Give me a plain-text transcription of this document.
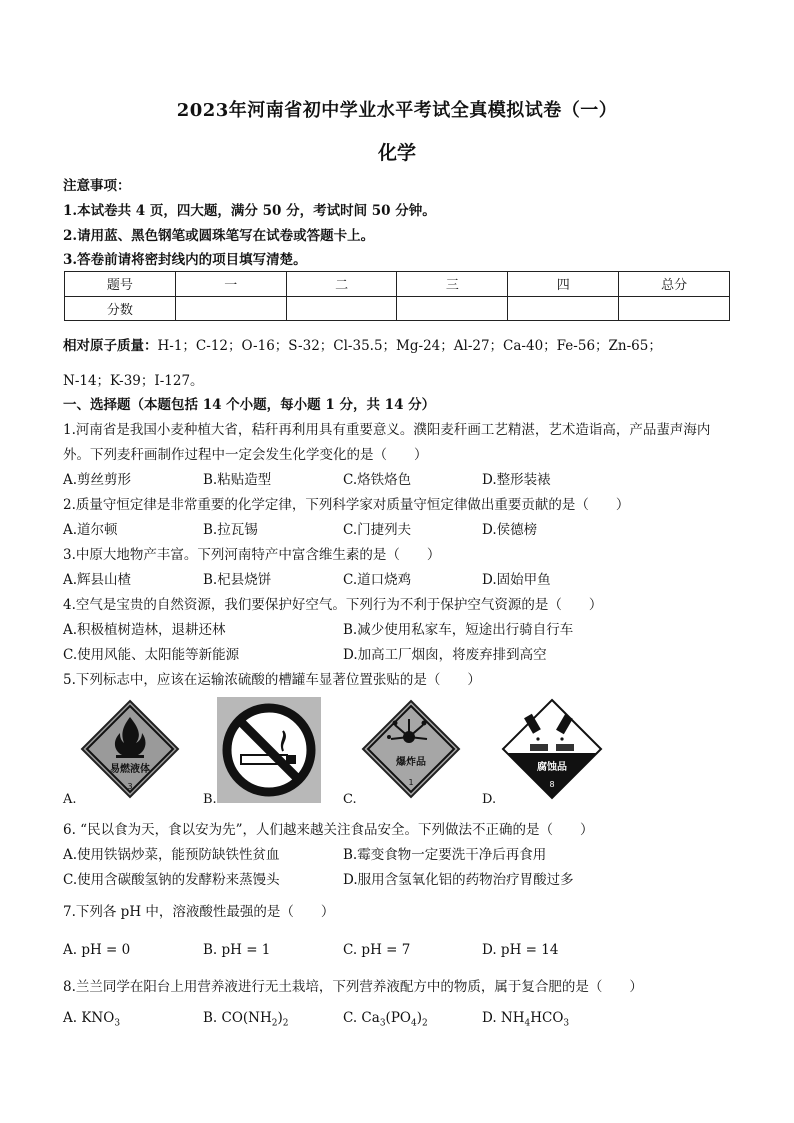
2023年河南省初中学业水平考试全真模拟试卷（一）
化学
注意事项：
1.本试卷共 4 页，四大题，满分 50 分，考试时间 50 分钟。
2.请用蓝、黑色钢笔或圆珠笔写在试卷或答题卡上。
3.答卷前请将密封线内的项目填写清楚。
题号	一	二	三	四	总分
分数					
相对原子质量：H-1；C-12；O-16；S-32；Cl-35.5；Mg-24；Al-27；Ca-40；Fe-56；Zn-65；
N-14；K-39；I-127。
一、选择题（本题包括 14 个小题，每小题 1 分，共 14 分）
1.河南省是我国小麦种植大省，秸秆再利用具有重要意义。濮阳麦秆画工艺精湛，艺术造诣高，产品蜚声海内
外。下列麦秆画制作过程中一定会发生化学变化的是（　　）
A.剪丝剪形	B.粘贴造型	C.烙铁烙色	D.整形装裱
2.质量守恒定律是非常重要的化学定律，下列科学家对质量守恒定律做出重要贡献的是（　　）
A.道尔顿	B.拉瓦锡	C.门捷列夫	D.侯德榜
3.中原大地物产丰富。下列河南特产中富含维生素的是（　　）
A.辉县山楂	B.杞县烧饼	C.道口烧鸡	D.固始甲鱼
4.空气是宝贵的自然资源，我们要保护好空气。下列行为不利于保护空气资源的是（　　）
A.积极植树造林，退耕还林	B.减少使用私家车，短途出行骑自行车
C.使用风能、太阳能等新能源	D.加高工厂烟囱，将废弃排到高空
5.下列标志中，应该在运输浓硫酸的槽罐车显著位置张贴的是（　　）
易燃液体
3
A.	B.
爆炸品
1
C.
腐蚀品
8
D.
6. “民以食为天，食以安为先”，人们越来越关注食品安全。下列做法不正确的是（　　）
A.使用铁锅炒菜，能预防缺铁性贫血	B.霉变食物一定要洗干净后再食用
C.使用含碳酸氢钠的发酵粉来蒸馒头	D.服用含氢氧化铝的药物治疗胃酸过多
7.下列各 pH 中，溶液酸性最强的是（　　）
A. pH = 0	B. pH = 1	C. pH = 7	D. pH = 14
8.兰兰同学在阳台上用营养液进行无土栽培，下列营养液配方中的物质，属于复合肥的是（　　）
A. $KNO_3$	B. $CO(NH_2)_2$	C. $Ca_3(PO_4)_2$	D. $NH_4HCO_3$
